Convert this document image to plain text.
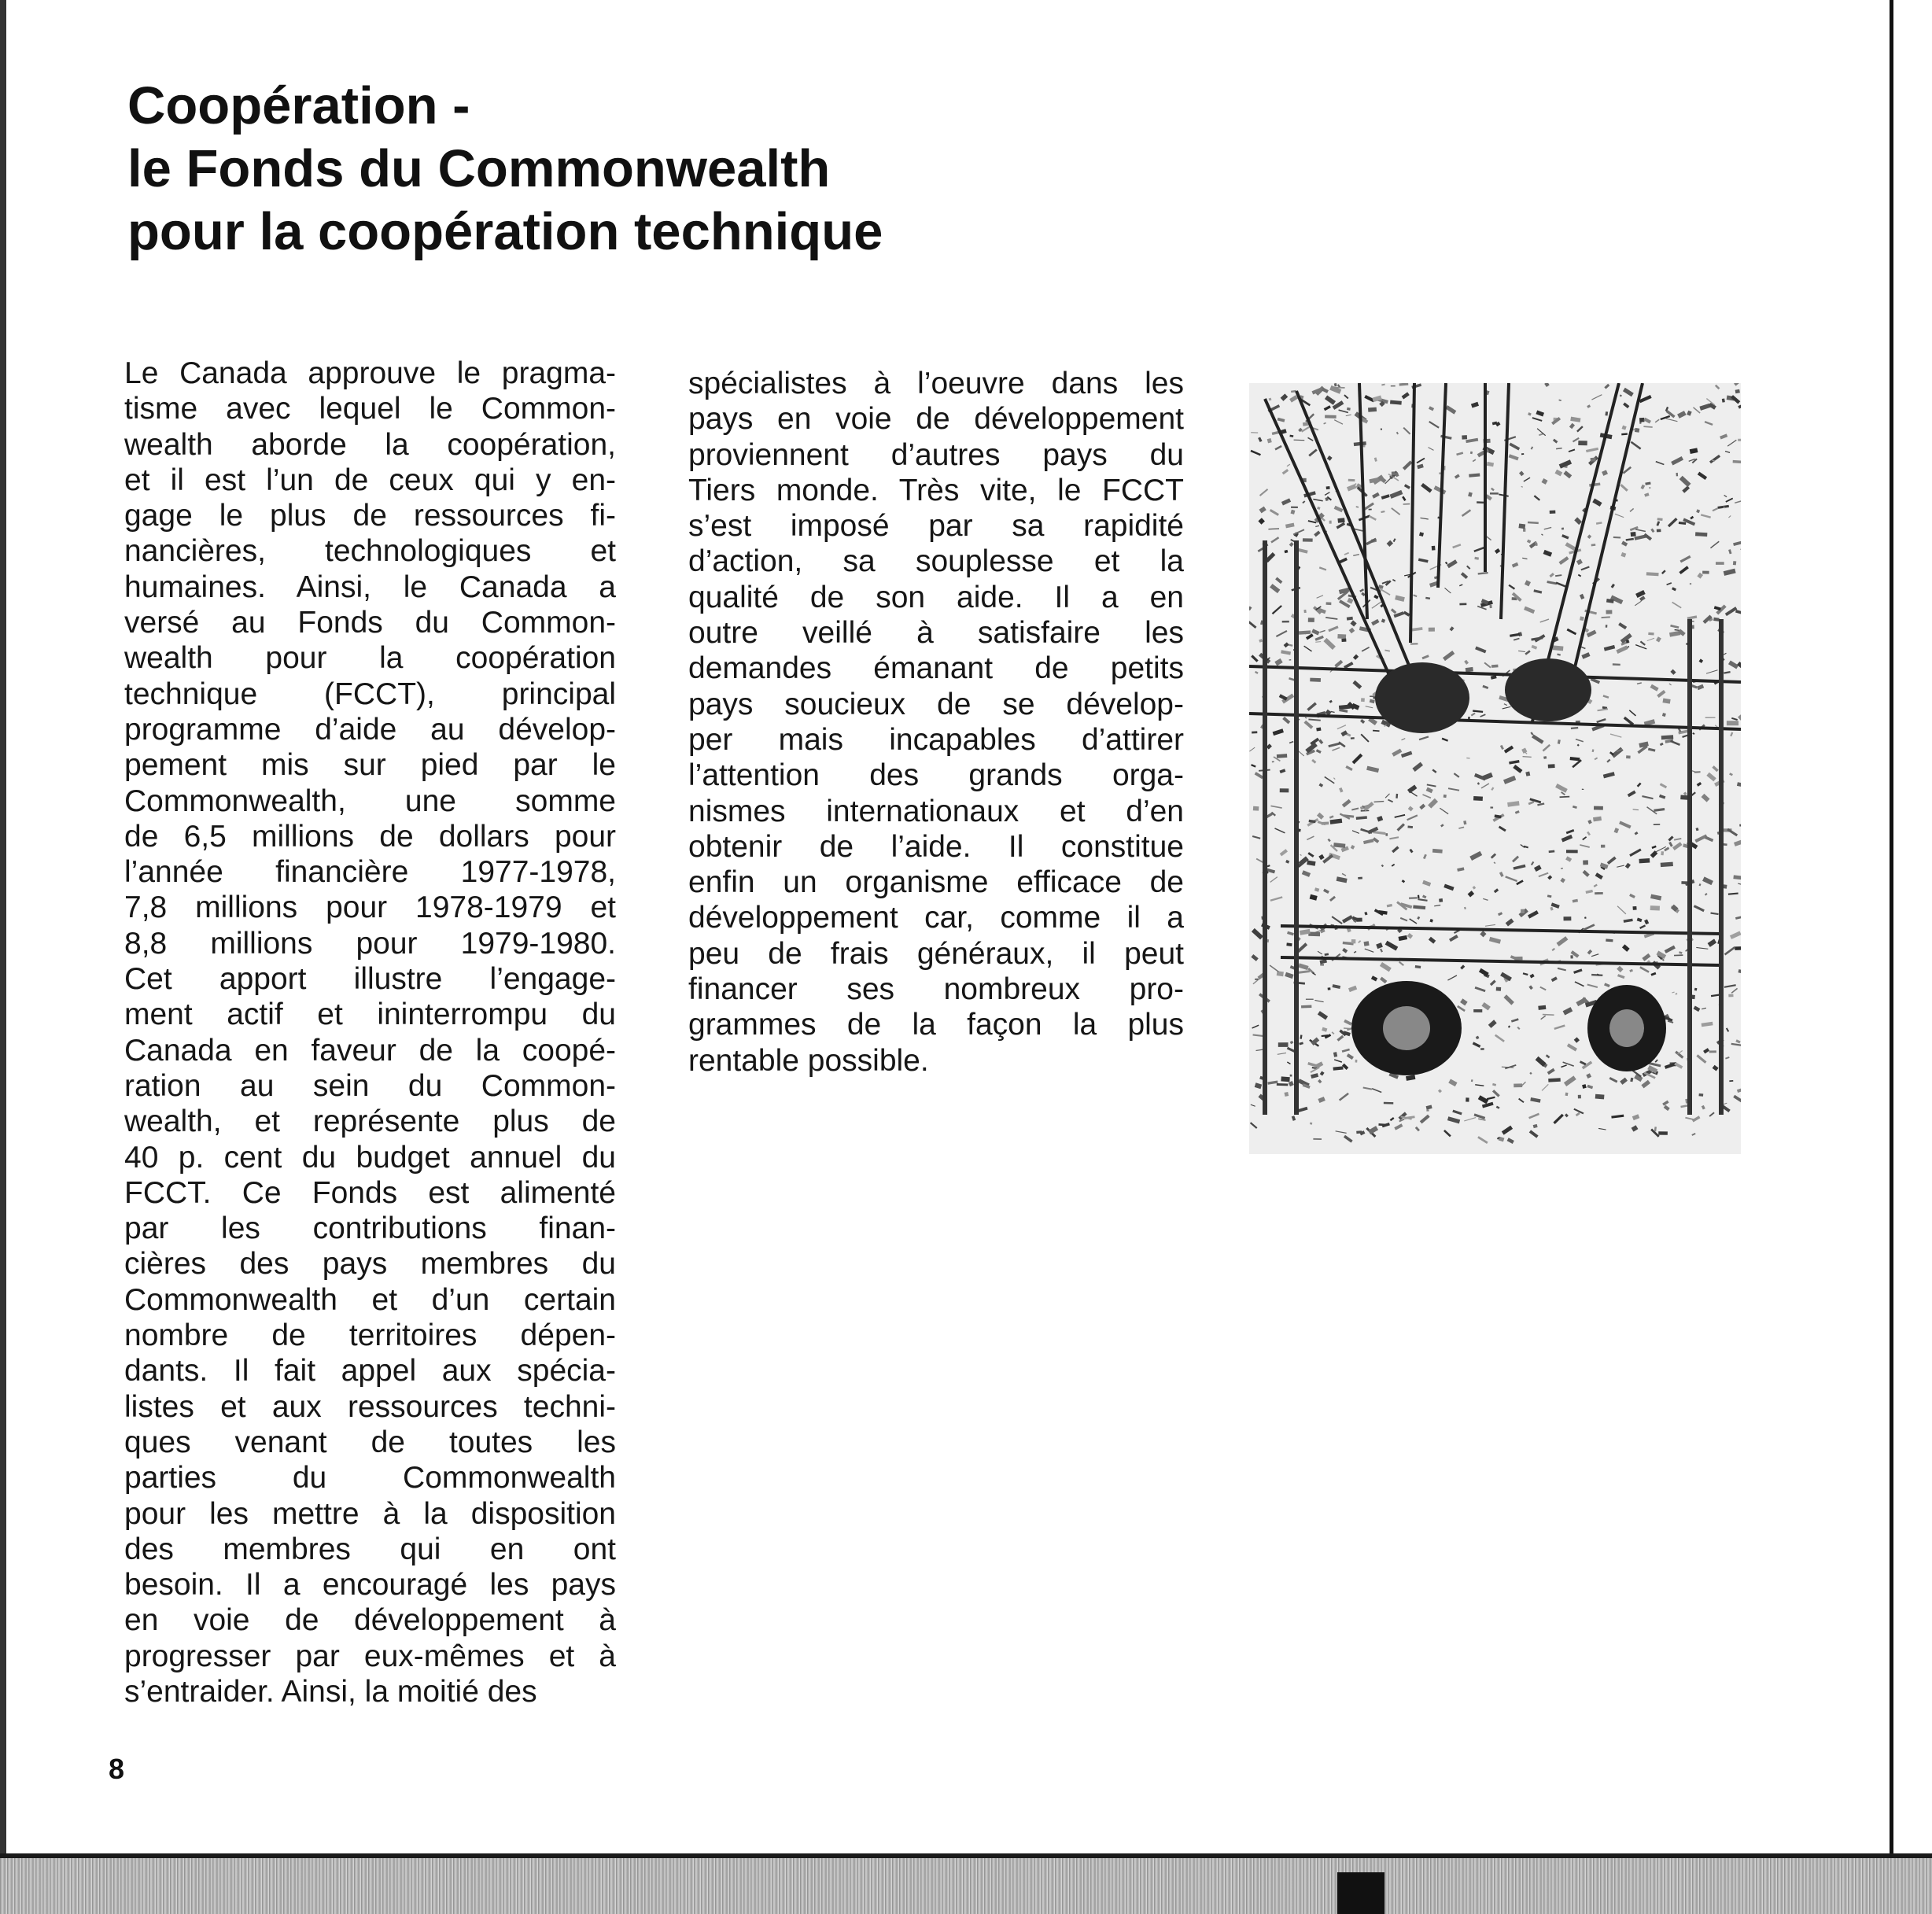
Coopération -
le Fonds du Commonwealth
pour la coopération technique
Le Canada approuve le pragma-
tisme avec lequel le Common-
wealth aborde la coopération,
et il est l’un de ceux qui y en-
gage le plus de ressources fi-
nancières, technologiques et
humaines. Ainsi, le Canada a
versé au Fonds du Common-
wealth pour la coopération
technique (FCCT), principal
programme d’aide au dévelop-
pement mis sur pied par le
Commonwealth, une somme
de 6,5 millions de dollars pour
l’année financière 1977-1978,
7,8 millions pour 1978-1979 et
8,8 millions pour 1979-1980.
Cet apport illustre l’engage-
ment actif et ininterrompu du
Canada en faveur de la coopé-
ration au sein du Common-
wealth, et représente plus de
40 p. cent du budget annuel du
FCCT. Ce Fonds est alimenté
par les contributions finan-
cières des pays membres du
Commonwealth et d’un certain
nombre de territoires dépen-
dants. Il fait appel aux spécia-
listes et aux ressources techni-
ques venant de toutes les
parties du Commonwealth
pour les mettre à la disposition
des membres qui en ont
besoin. Il a encouragé les pays
en voie de développement à
progresser par eux-mêmes et à
s’entraider. Ainsi, la moitié des
spécialistes à l’oeuvre dans les
pays en voie de développement
proviennent d’autres pays du
Tiers monde. Très vite, le FCCT
s’est imposé par sa rapidité
d’action, sa souplesse et la
qualité de son aide. Il a en
outre veillé à satisfaire les
demandes émanant de petits
pays soucieux de se dévelop-
per mais incapables d’attirer
l’attention des grands orga-
nismes internationaux et d’en
obtenir de l’aide. Il constitue
enfin un organisme efficace de
développement car, comme il a
peu de frais généraux, il peut
financer ses nombreux pro-
grammes de la façon la plus
rentable possible.
8
